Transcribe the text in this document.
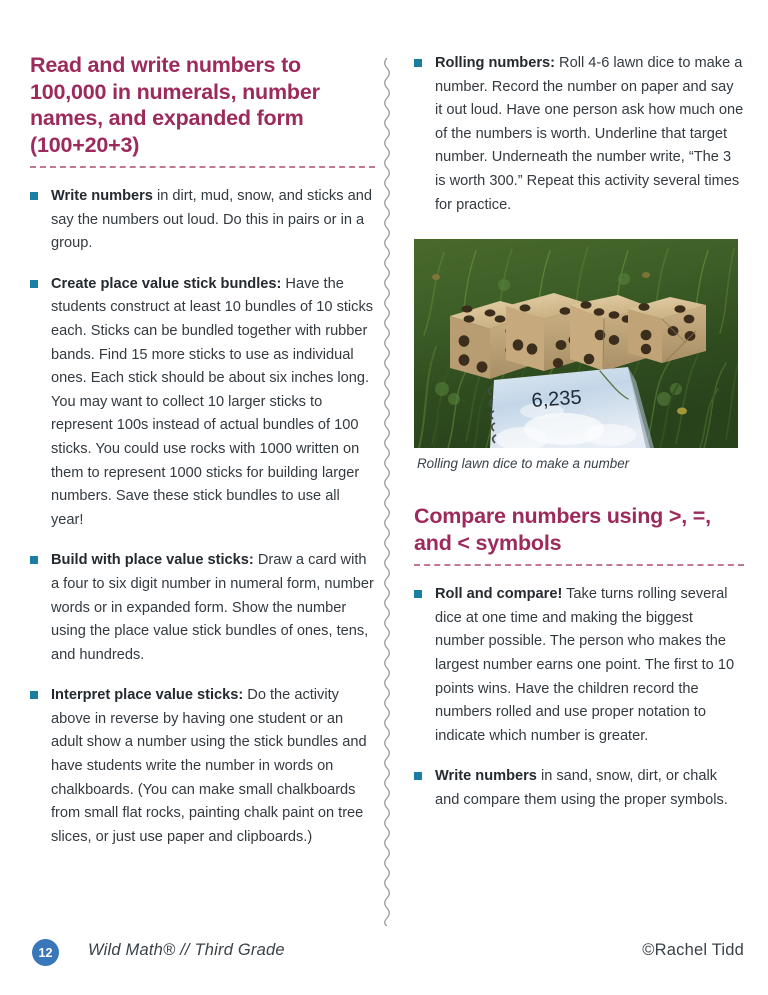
Read and write numbers to 100,000 in numerals, number names, and expanded form (100+20+3)
Write numbers in dirt, mud, snow, and sticks and say the numbers out loud. Do this in pairs or in a group.
Create place value stick bundles: Have the students construct at least 10 bundles of 10 sticks each. Sticks can be bundled together with rubber bands. Find 15 more sticks to use as individual ones. Each stick should be about six inches long. You may want to collect 10 larger sticks to represent 100s instead of actual bundles of 100 sticks. You could use rocks with 1000 written on them to represent 1000 sticks for building larger numbers. Save these stick bundles to use all year!
Build with place value sticks: Draw a card with a four to six digit number in numeral form, number words or in expanded form. Show the number using the place value stick bundles of ones, tens, and hundreds.
Interpret place value sticks: Do the activity above in reverse by having one student or an adult show a number using the stick bundles and have students write the number in words on chalkboards. (You can make small chalkboards from small flat rocks, painting chalk paint on tree slices, or just use paper and clipboards.)
Rolling numbers: Roll 4-6 lawn dice to make a number. Record the number on paper and say it out loud. Have one person ask how much one of the numbers is worth. Underline that target number. Underneath the number write, “The 3 is worth 300.” Repeat this activity several times for practice.
6,235
Rolling lawn dice to make a number
Compare numbers using >, =, and < symbols
Roll and compare! Take turns rolling several dice at one time and making the biggest number possible. The person who makes the largest number earns one point. The first to 10 points wins. Have the children record the numbers rolled and use proper notation to indicate which number is greater.
Write numbers in sand, snow, dirt, or chalk and compare them using the proper symbols.
12	Wild Math® // Third Grade	©Rachel Tidd
